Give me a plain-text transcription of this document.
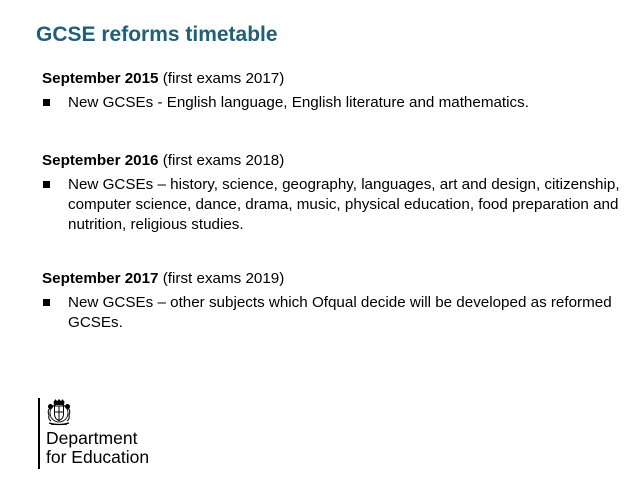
GCSE reforms timetable

September 2015 (first exams 2017)

New GCSEs - English language, English literature and mathematics.

September 2016 (first exams 2018)

New GCSEs – history, science, geography, languages, art and design, citizenship, computer science, dance, drama, music, physical education, food preparation and nutrition, religious studies.

September 2017 (first exams 2019)

New GCSEs – other subjects which Ofqual decide will be developed as reformed GCSEs.
Department
for Education
